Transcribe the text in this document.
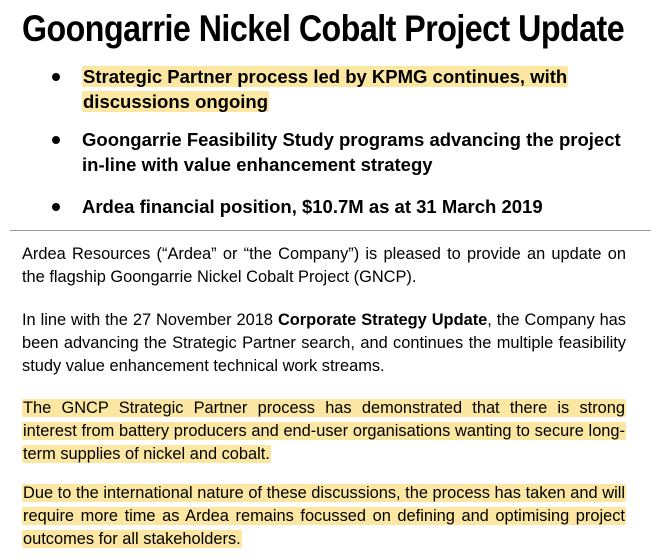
Goongarrie Nickel Cobalt Project Update
Strategic Partner process led by KPMG continues, with discussions ongoing
Goongarrie Feasibility Study programs advancing the project in-line with value enhancement strategy
Ardea financial position, $10.7M as at 31 March 2019
Ardea Resources (“Ardea” or “the Company”) is pleased to provide an update on the flagship Goongarrie Nickel Cobalt Project (GNCP).
In line with the 27 November 2018 Corporate Strategy Update, the Company has been advancing the Strategic Partner search, and continues the multiple feasibility study value enhancement technical work streams.
The GNCP Strategic Partner process has demonstrated that there is strong interest from battery producers and end-user organisations wanting to secure long-term supplies of nickel and cobalt.
Due to the international nature of these discussions, the process has taken and will require more time as Ardea remains focussed on defining and optimising project outcomes for all stakeholders.
